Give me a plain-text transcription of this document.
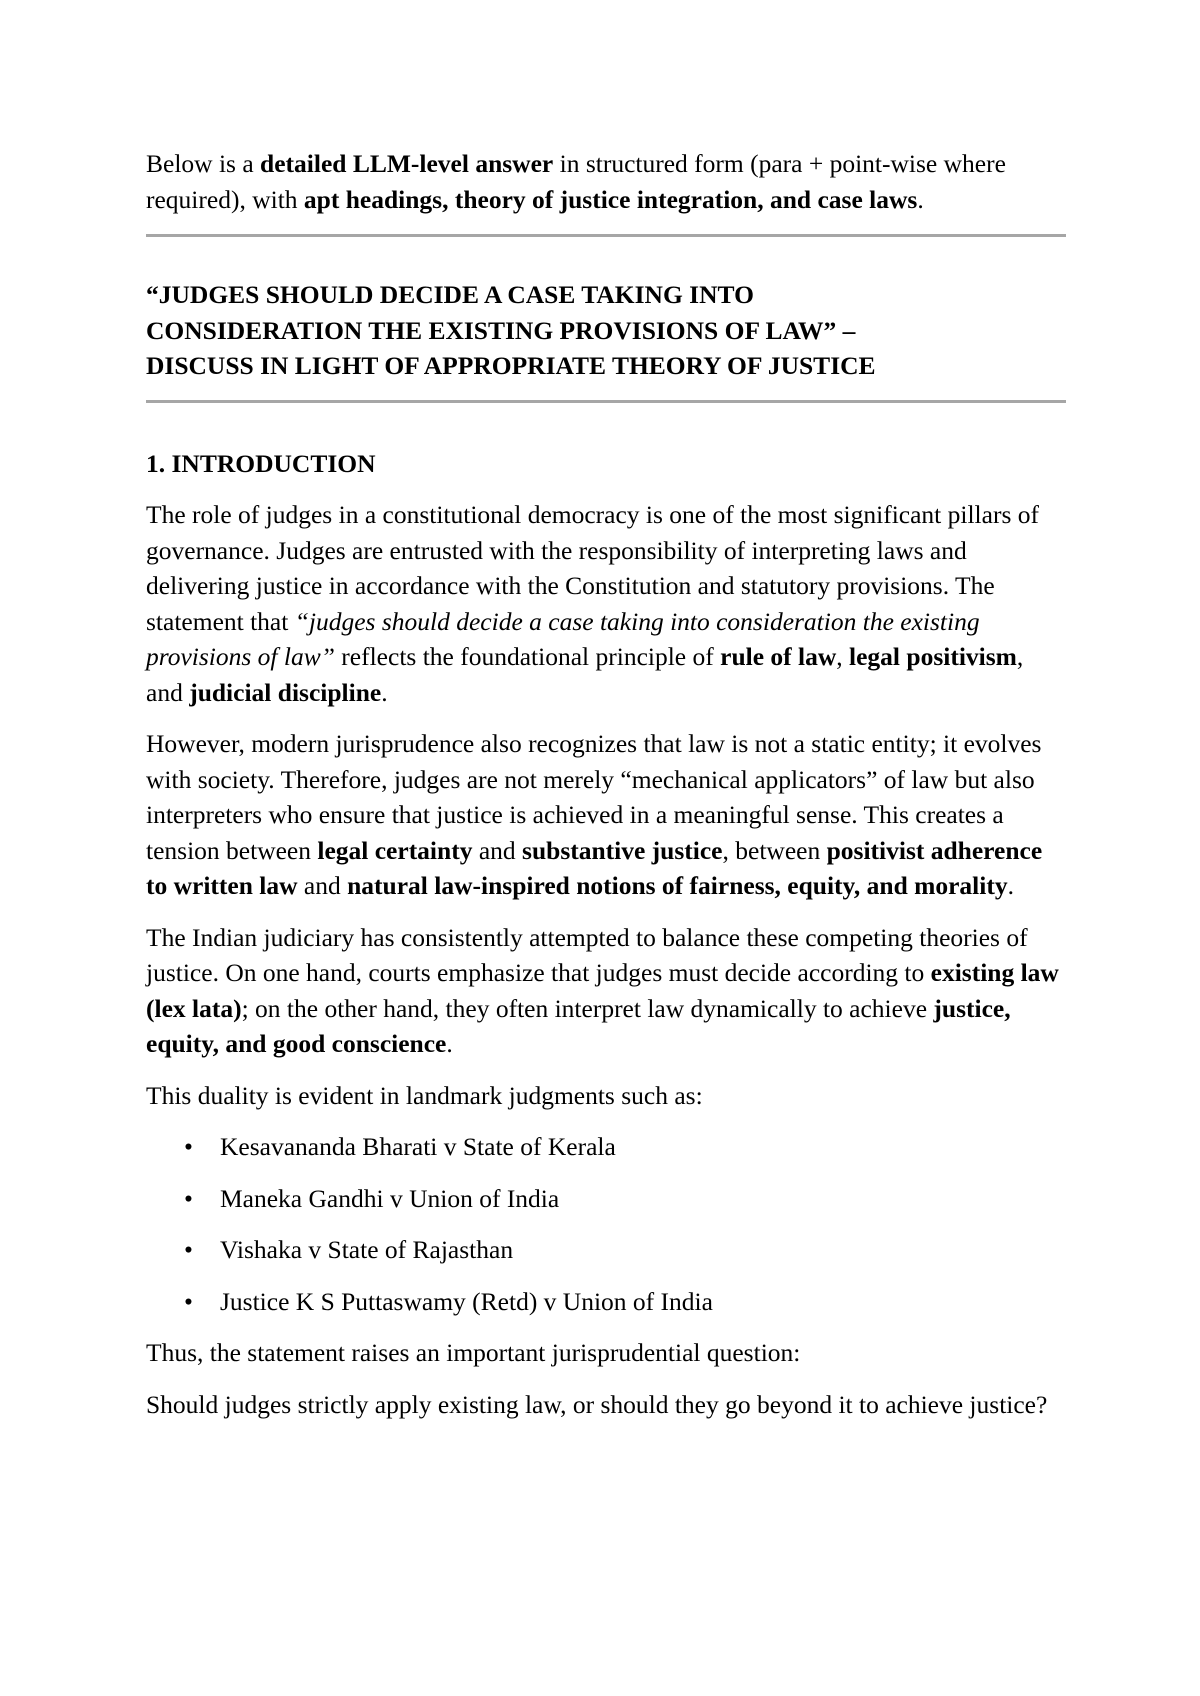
Below is a detailed LLM-level answer in structured form (para + point-wise where required), with apt headings, theory of justice integration, and case laws.

“JUDGES SHOULD DECIDE A CASE TAKING INTO
CONSIDERATION THE EXISTING PROVISIONS OF LAW” –
DISCUSS IN LIGHT OF APPROPRIATE THEORY OF JUSTICE

1. INTRODUCTION

The role of judges in a constitutional democracy is one of the most significant pillars of governance. Judges are entrusted with the responsibility of interpreting laws and delivering justice in accordance with the Constitution and statutory provisions. The statement that “judges should decide a case taking into consideration the existing provisions of law” reflects the foundational principle of rule of law, legal positivism, and judicial discipline.

However, modern jurisprudence also recognizes that law is not a static entity; it evolves with society. Therefore, judges are not merely “mechanical applicators” of law but also interpreters who ensure that justice is achieved in a meaningful sense. This creates a tension between legal certainty and substantive justice, between positivist adherence to written law and natural law-inspired notions of fairness, equity, and morality.

The Indian judiciary has consistently attempted to balance these competing theories of justice. On one hand, courts emphasize that judges must decide according to existing law (lex lata); on the other hand, they often interpret law dynamically to achieve justice, equity, and good conscience.

This duality is evident in landmark judgments such as:

• Kesavananda Bharati v State of Kerala
• Maneka Gandhi v Union of India
• Vishaka v State of Rajasthan
• Justice K S Puttaswamy (Retd) v Union of India

Thus, the statement raises an important jurisprudential question:

Should judges strictly apply existing law, or should they go beyond it to achieve justice?
